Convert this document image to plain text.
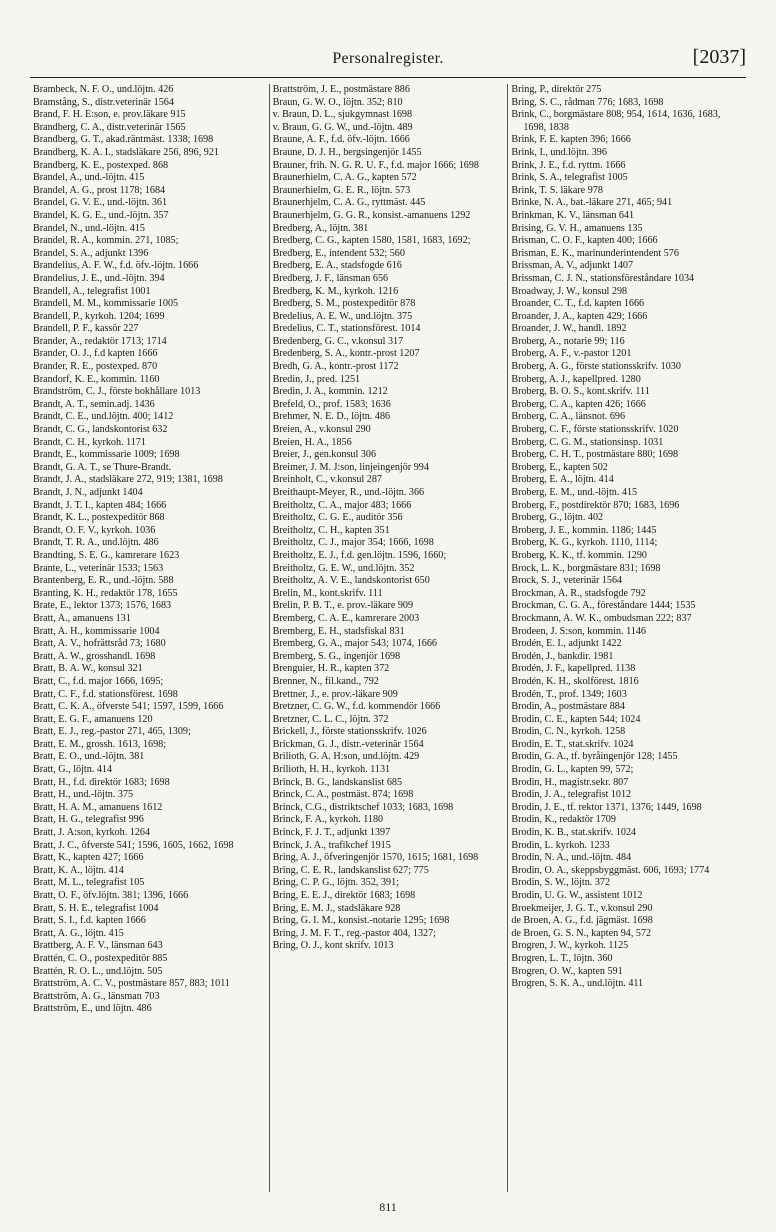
Personalregister.	[2037]
Brambeck, N. F. O., und.löjtn. 426
Bramstång, S., distr.veterinär 1564
Brand, F. H. E:son, e. prov.läkare 915
Brandberg, C. A., distr.veterinär 1565
Brandberg, G. T., akad.räntmäst. 1338; 1698
Brandberg, K. A. I., stadsläkare 256, 896, 921
Brandberg, K. E., postexped. 868
Brandel, A., und.-löjtn. 415
Brandel, A. G., prost 1178; 1684
Brandel, G. V. E., und.-löjtn. 361
Brandel, K. G. E., und.-löjtn. 357
Brandel, N., und.-löjtn. 415
Brandel, R. A., kommin. 271, 1085;
Brandel, S. A., adjunkt 1396
Brandelius, A. F. W., f.d. öfv.-löjtn. 1666
Brandelius, J. E., und.-löjtn. 394
Brandell, A., telegrafist 1001
Brandell, M. M., kommissarie 1005
Brandell, P., kyrkoh. 1204; 1699
Brandell, P. F., kassör 227
Brander, A., redaktör 1713; 1714
Brander, O. J., f.d kapten 1666
Brander, R. E., postexped. 870
Brandorf, K. E., kommin. 1160
Brandström, C. J., förste bokhållare 1013
Brandt, A. T., semin.adj. 1436
Brandt, C. E., und.löjtn. 400; 1412
Brandt, C. G., landskontorist 632
Brandt, C. H., kyrkoh. 1171
Brandt, E., kommissarie 1009; 1698
Brandt, G. A. T., se Thure-Brandt.
Brandt, J. A., stadsläkare 272, 919; 1381, 1698
Brandt, J. N., adjunkt 1404
Brandt, J. T. I., kapten 484; 1666
Brandt, K. L., postexpeditör 868
Brandt, O. F. V., kyrkoh. 1036
Brandt, T. R. A., und.löjtn. 486
Brandting, S. E. G., kamrerare 1623
Brante, L., veterinär 1533; 1563
Brantenberg, E. R., und.-löjtn. 588
Branting, K. H., redaktör 178, 1655
Brate, E., lektor 1373; 1576, 1683
Bratt, A., amanuens 131
Bratt, A. H., kommissarie 1004
Bratt, A. V., hofrättsråd 73; 1680
Bratt, A. W., grosshandl. 1698
Bratt, B. A. W., konsul 321
Bratt, C., f.d. major 1666, 1695;
Bratt, C. F., f.d. stationsförest. 1698
Bratt, C. K. A., öfverste 541; 1597, 1599, 1666
Bratt, E. G. F., amanuens 120
Bratt, E. J., reg.-pastor 271, 465, 1309;
Bratt, E. M., grossh. 1613, 1698;
Bratt, E. O., und.-löjtn. 381
Bratt, G., löjtn. 414
Bratt, H., f.d. direktör 1683; 1698
Bratt, H., und.-löjtn. 375
Bratt, H. A. M., amanuens 1612
Bratt, H. G., telegrafist 996
Bratt, J. A:son, kyrkoh. 1264
Bratt, J. C., öfverste 541; 1596, 1605, 1662, 1698
Bratt, K., kapten 427; 1666
Bratt, K. A., löjtn. 414
Bratt, M. L., telegrafist 105
Bratt, O. F., öfv.löjtn. 381; 1396, 1666
Bratt, S. H. E., telegrafist 1004
Bratt, S. I., f.d. kapten 1666
Bratt, A. G., löjtn. 415
Brattberg, A. F. V., länsman 643
Brattén, C. O., postexpeditör 885
Brattén, R. O. L., und.löjtn. 505
Brattström, A. C. V., postmästare 857, 883; 1011
Brattström, A. G., länsman 703
Brattström, E., und löjtn. 486
Brattström, J. E., postmästare 886
Braun, G. W. O., löjtn. 352; 810
v. Braun, D. L., sjukgymnast 1698
v. Braun, G. G. W., und.-löjtn. 489
Braune, A. F., f.d. öfv.-löjtn. 1666
Braune, D. J. H., bergsingenjör 1455
Brauner, frih. N. G. R. U. F., f.d. major 1666; 1698
Braunerhielm, C. A. G., kapten 572
Braunerhielm, G. E. R., löjtn. 573
Braunerhjelm, C. A. G., ryttmäst. 445
Braunerhjelm, G. G. R., konsist.-amanuens 1292
Bredberg, A., löjtn. 381
Bredberg, C. G., kapten 1580, 1581, 1683, 1692;
Bredberg, E., intendent 532; 560
Bredberg, E. A., stadsfogde 616
Bredberg, J. F., länsman 656
Bredberg, K. M., kyrkoh. 1216
Bredberg, S. M., postexpeditör 878
Bredelius, A. E. W., und.löjtn. 375
Bredelius, C. T., stationsförest. 1014
Bredenberg, G. C., v.konsul 317
Bredenberg, S. A., kontr.-prost 1207
Bredh, G. A., kontr.-prost 1172
Bredin, J., pred. 1251
Bredin, J. A., kommin. 1212
Brefeld, O., prof. 1583; 1636
Brehmer, N. E. D., löjtn. 486
Breien, A., v.konsul 290
Breien, H. A., 1856
Breier, J., gen.konsul 306
Breimer, J. M. J:son, linjeingenjör 994
Breinholt, C., v.konsul 287
Breithaupt-Meyer, R., und.-löjtn. 366
Breitholtz, C. A., major 483; 1666
Breitholtz, C. G. E., auditör 356
Breitholtz, C. H., kapten 351
Breitholtz, C. J., major 354; 1666, 1698
Breitholtz, E. J., f.d. gen.löjtn. 1596, 1660;
Breitholtz, G. E. W., und.löjtn. 352
Breitholtz, A. V. E., landskontorist 650
Brelin, M., kont.skrifv. 111
Brelin, P. B. T., e. prov.-läkare 909
Bremberg, C. A. E., kamrerare 2003
Bremberg, E. H., stadsfiskal 831
Bremberg, G. A., major 543; 1074, 1666
Bremberg, S. G., ingenjör 1698
Brenguier, H. R., kapten 372
Brenner, N., fil.kand., 792
Brettner, J., e. prov.-läkare 909
Bretzner, C. G. W., f.d. kommendör 1666
Bretzner, C. L. C., löjtn. 372
Brickell, J., förste stationsskrifv. 1026
Brickman, G. J., distr.-veterinär 1564
Brilioth, G. A. H:son, und.löjtn. 429
Brilioth, H. H., kyrkoh. 1131
Brinck, B. G., landskanslist 685
Brinck, C. A., postmäst. 874; 1698
Brinck, C.G., distriktschef 1033; 1683, 1698
Brinck, F. A., kyrkoh. 1180
Brinck, F. J. T., adjunkt 1397
Brinck, J. A., trafikchef 1915
Bring, A. J., öfveringenjör 1570, 1615; 1681, 1698
Bring, C. E. R., landskanslist 627; 775
Bring, C. P. G., löjtn. 352, 391;
Bring, E. E. J., direktör 1683; 1698
Bring, E. M. J., stadsläkare 928
Bring, G. I. M., konsist.-notarie 1295; 1698
Bring, J. M. F. T., reg.-pastor 404, 1327;
Bring, O. J., kont skrifv. 1013
Bring, P., direktör 275
Bring, S. C., rådman 776; 1683, 1698
Brink, C., borgmästare 808; 954, 1614, 1636, 1683, 1698, 1838
Brink, F. E. kapten 396; 1666
Brink, I., und.löjtn. 396
Brink, J. E., f.d. ryttm. 1666
Brink, S. A., telegrafist 1005
Brink, T. S. läkare 978
Brinke, N. A., bat.-läkare 271, 465; 941
Brinkman, K. V., länsman 641
Brising, G. V. H., amanuens 135
Brisman, C. O. F., kapten 400; 1666
Brisman, E. K., marinunderintendent 576
Brissman, A. V., adjunkt 1407
Brissman, C. J. N., stationsföreståndare 1034
Broadway, J. W., konsul 298
Broander, C. T., f.d. kapten 1666
Broander, J. A., kapten 429; 1666
Broander, J. W., handl. 1892
Broberg, A., notarie 99; 116
Broberg, A. F., v.-pastor 1201
Broberg, A. G., förste stationsskrifv. 1030
Broberg, A. J., kapellpred. 1280
Broberg, B. O. S., kont.skrifv. 111
Broberg, C. A., kapten 426; 1666
Broberg, C. A., länsnot. 696
Broberg, C. F., förste stationsskrifv. 1020
Broberg, C. G. M., stationsinsp. 1031
Broberg, C. H. T., postmästare 880; 1698
Broberg, E., kapten 502
Broberg, E. A., löjtn. 414
Broberg, E. M., und.-löjtn. 415
Broberg, F., postdirektör 870; 1683, 1696
Broberg, G., löjtn. 402
Broberg, J. E., kommin. 1186; 1445
Broberg, K. G., kyrkoh. 1110, 1114;
Broberg, K. K., tf. kommin. 1290
Brock, L. K., borgmästare 831; 1698
Brock, S. J., veterinär 1564
Brockman, A. R., stadsfogde 792
Brockman, C. G. A., föreståndare 1444; 1535
Brockmann, A. W. K., ombudsman 222; 837
Brodeen, J. S:son, kommin. 1146
Brodén, E. I., adjunkt 1422
Brodén, J., bankdir. 1981
Brodén, J. F., kapellpred. 1138
Brodén, K. H., skolförest. 1816
Brodén, T., prof. 1349; 1603
Brodin, A., postmästare 884
Brodin, C. E., kapten 544; 1024
Brodin, C. N., kyrkoh. 1258
Brodin, E. T., stat.skrifv. 1024
Brodin, G. A., tf. byråingenjör 128; 1455
Brodin, G. L., kapten 99, 572;
Brodin, H., magistr.sekr. 807
Brodin, J. A., telegrafist 1012
Brodin, J. E., tf. rektor 1371, 1376; 1449, 1698
Brodin, K., redaktör 1709
Brodin, K. B., stat.skrifv. 1024
Brodin, L. kyrkoh. 1233
Brodin, N. A., und.-löjtn. 484
Brodin, O. A., skeppsbyggmäst. 606, 1693; 1774
Brodin, S. W., löjtn. 372
Brodin, U. G. W., assistent 1012
Broekmeijer, J. G. T., v.konsul 290
de Broen, A. G., f.d. jägmäst. 1698
de Broen, G. S. N., kapten 94, 572
Brogren, J. W., kyrkoh. 1125
Brogren, L. T., löjtn. 360
Brogren, O. W., kapten 591
Brogren, S. K. A., und.löjtn. 411
811
